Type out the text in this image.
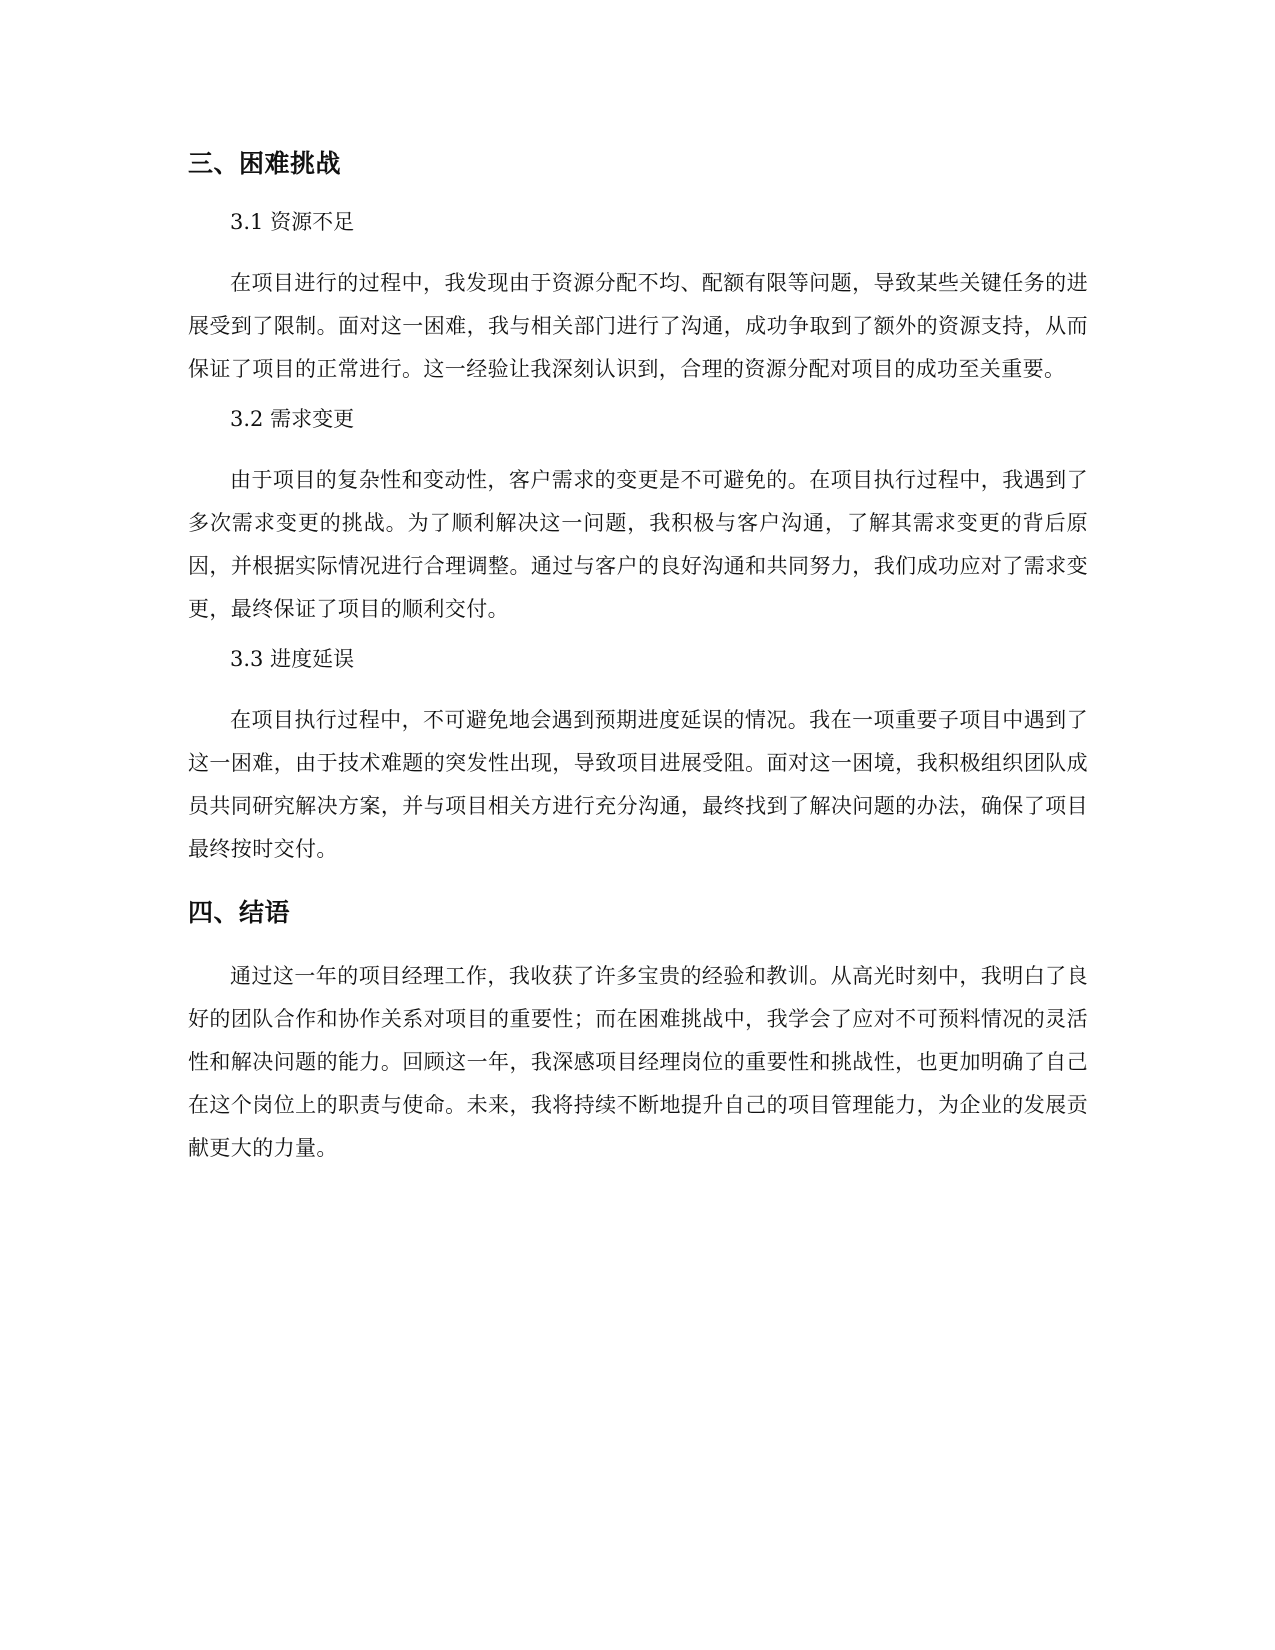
三、困难挑战
3.1 资源不足

在项目进行的过程中，我发现由于资源分配不均、配额有限等问题，导致某些关键任务的进展受到了限制。面对这一困难，我与相关部门进行了沟通，成功争取到了额外的资源支持，从而保证了项目的正常进行。这一经验让我深刻认识到，合理的资源分配对项目的成功至关重要。

3.2 需求变更

由于项目的复杂性和变动性，客户需求的变更是不可避免的。在项目执行过程中，我遇到了多次需求变更的挑战。为了顺利解决这一问题，我积极与客户沟通，了解其需求变更的背后原因，并根据实际情况进行合理调整。通过与客户的良好沟通和共同努力，我们成功应对了需求变更，最终保证了项目的顺利交付。

3.3 进度延误

在项目执行过程中，不可避免地会遇到预期进度延误的情况。我在一项重要子项目中遇到了这一困难，由于技术难题的突发性出现，导致项目进展受阻。面对这一困境，我积极组织团队成员共同研究解决方案，并与项目相关方进行充分沟通，最终找到了解决问题的办法，确保了项目最终按时交付。

四、结语

通过这一年的项目经理工作，我收获了许多宝贵的经验和教训。从高光时刻中，我明白了良好的团队合作和协作关系对项目的重要性；而在困难挑战中，我学会了应对不可预料情况的灵活性和解决问题的能力。回顾这一年，我深感项目经理岗位的重要性和挑战性，也更加明确了自己在这个岗位上的职责与使命。未来，我将持续不断地提升自己的项目管理能力，为企业的发展贡献更大的力量。
